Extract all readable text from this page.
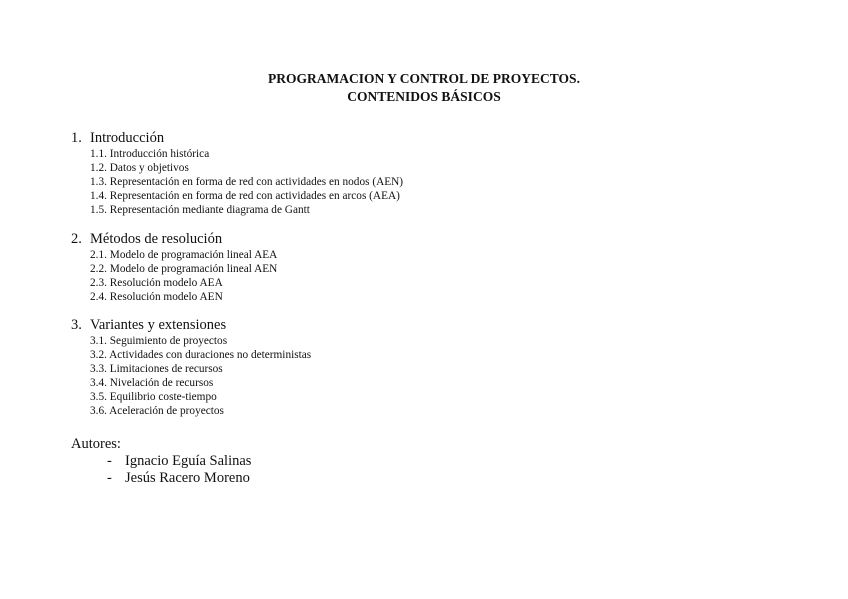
PROGRAMACION Y CONTROL DE PROYECTOS.
CONTENIDOS BÁSICOS
1. Introducción
1.1. Introducción histórica
1.2. Datos y objetivos
1.3. Representación en forma de red con actividades en nodos (AEN)
1.4. Representación en forma de red con actividades en arcos (AEA)
1.5. Representación mediante diagrama de Gantt
2. Métodos de resolución
2.1. Modelo de programación lineal AEA
2.2. Modelo de programación lineal AEN
2.3. Resolución modelo AEA
2.4. Resolución modelo AEN
3. Variantes y extensiones
3.1. Seguimiento de proyectos
3.2. Actividades con duraciones no deterministas
3.3. Limitaciones de recursos
3.4. Nivelación de recursos
3.5. Equilibrio coste-tiempo
3.6. Aceleración de proyectos
Autores:
- Ignacio Eguía Salinas
- Jesús Racero Moreno
